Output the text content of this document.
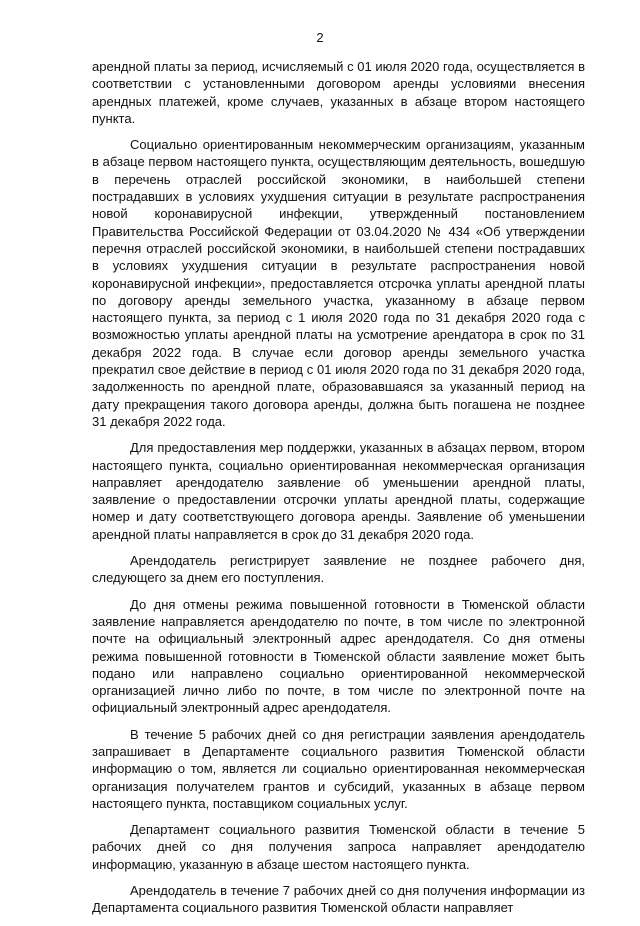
2

арендной платы за период, исчисляемый с 01 июля 2020 года, осуществляется в соответствии с установленными договором аренды условиями внесения арендных платежей, кроме случаев, указанных в абзаце втором настоящего пункта.

Социально ориентированным некоммерческим организациям, указанным в абзаце первом настоящего пункта, осуществляющим деятельность, вошедшую в перечень отраслей российской экономики, в наибольшей степени пострадавших в условиях ухудшения ситуации в результате распространения новой коронавирусной инфекции, утвержденный постановлением Правительства Российской Федерации от 03.04.2020 № 434 «Об утверждении перечня отраслей российской экономики, в наибольшей степени пострадавших в условиях ухудшения ситуации в результате распространения новой коронавирусной инфекции», предоставляется отсрочка уплаты арендной платы по договору аренды земельного участка, указанному в абзаце первом настоящего пункта, за период с 1 июля 2020 года по 31 декабря 2020 года с возможностью уплаты арендной платы на усмотрение арендатора в срок по 31 декабря 2022 года. В случае если договор аренды земельного участка прекратил свое действие в период с 01 июля 2020 года по 31 декабря 2020 года, задолженность по арендной плате, образовавшаяся за указанный период на дату прекращения такого договора аренды, должна быть погашена не позднее 31 декабря 2022 года.

Для предоставления мер поддержки, указанных в абзацах первом, втором настоящего пункта, социально ориентированная некоммерческая организация направляет арендодателю заявление об уменьшении арендной платы, заявление о предоставлении отсрочки уплаты арендной платы, содержащие номер и дату соответствующего договора аренды. Заявление об уменьшении арендной платы направляется в срок до 31 декабря 2020 года.

Арендодатель регистрирует заявление не позднее рабочего дня, следующего за днем его поступления.

До дня отмены режима повышенной готовности в Тюменской области заявление направляется арендодателю по почте, в том числе по электронной почте на официальный электронный адрес арендодателя. Со дня отмены режима повышенной готовности в Тюменской области заявление может быть подано или направлено социально ориентированной некоммерческой организацией лично либо по почте, в том числе по электронной почте на официальный электронный адрес арендодателя.

В течение 5 рабочих дней со дня регистрации заявления арендодатель запрашивает в Департаменте социального развития Тюменской области информацию о том, является ли социально ориентированная некоммерческая организация получателем грантов и субсидий, указанных в абзаце первом настоящего пункта, поставщиком социальных услуг.

Департамент социального развития Тюменской области в течение 5 рабочих дней со дня получения запроса направляет арендодателю информацию, указанную в абзаце шестом настоящего пункта.

Арендодатель в течение 7 рабочих дней со дня получения информации из Департамента социального развития Тюменской области направляет
